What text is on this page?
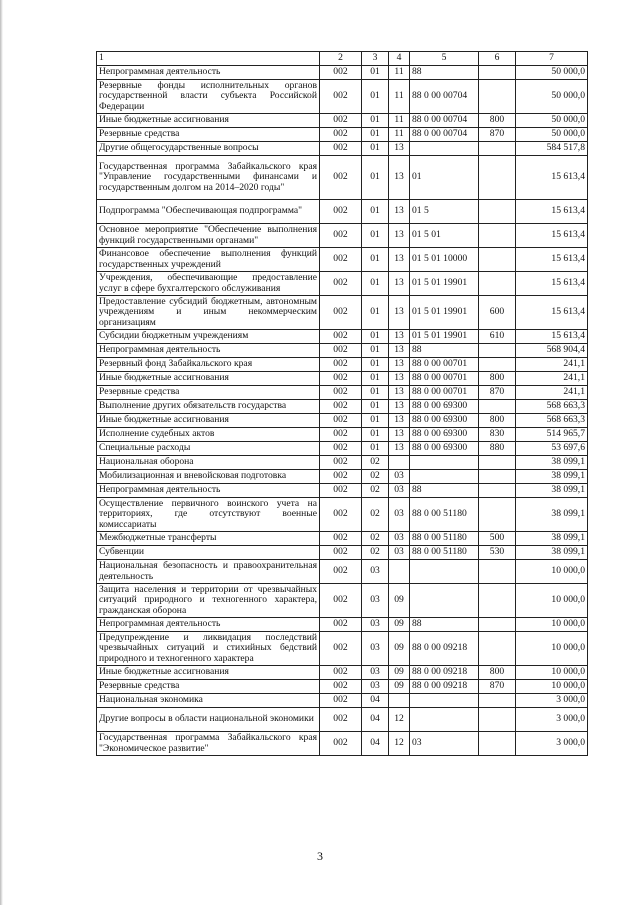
1	2	3	4	5	6	7
Непрограммная деятельность	002	01	11	88		50 000,0
Резервные фонды исполнительных органов государственной власти субъекта Российской Федерации	002	01	11	88 0 00 00704		50 000,0
Иные бюджетные ассигнования	002	01	11	88 0 00 00704	800	50 000,0
Резервные средства	002	01	11	88 0 00 00704	870	50 000,0
Другие общегосударственные вопросы	002	01	13			584 517,8
Государственная программа Забайкальского края "Управление государственными финансами и государственным долгом на 2014–2020 годы"	002	01	13	01		15 613,4
Подпрограмма "Обеспечивающая подпрограмма"	002	01	13	01 5		15 613,4
Основное мероприятие "Обеспечение выполнения функций государственными органами"	002	01	13	01 5 01		15 613,4
Финансовое обеспечение выполнения функций государственных учреждений	002	01	13	01 5 01 10000		15 613,4
Учреждения, обеспечивающие предоставление услуг в сфере бухгалтерского обслуживания	002	01	13	01 5 01 19901		15 613,4
Предоставление субсидий бюджетным, автономным учреждениям и иным некоммерческим организациям	002	01	13	01 5 01 19901	600	15 613,4
Субсидии бюджетным учреждениям	002	01	13	01 5 01 19901	610	15 613,4
Непрограммная деятельность	002	01	13	88		568 904,4
Резервный фонд Забайкальского края	002	01	13	88 0 00 00701		241,1
Иные бюджетные ассигнования	002	01	13	88 0 00 00701	800	241,1
Резервные средства	002	01	13	88 0 00 00701	870	241,1
Выполнение других обязательств государства	002	01	13	88 0 00 69300		568 663,3
Иные бюджетные ассигнования	002	01	13	88 0 00 69300	800	568 663,3
Исполнение судебных актов	002	01	13	88 0 00 69300	830	514 965,7
Специальные расходы	002	01	13	88 0 00 69300	880	53 697,6
Национальная оборона	002	02				38 099,1
Мобилизационная и вневойсковая подготовка	002	02	03			38 099,1
Непрограммная деятельность	002	02	03	88		38 099,1
Осуществление первичного воинского учета на территориях, где отсутствуют военные комиссариаты	002	02	03	88 0 00 51180		38 099,1
Межбюджетные трансферты	002	02	03	88 0 00 51180	500	38 099,1
Субвенции	002	02	03	88 0 00 51180	530	38 099,1
Национальная безопасность и правоохранительная деятельность	002	03				10 000,0
Защита населения и территории от чрезвычайных ситуаций природного и техногенного характера, гражданская оборона	002	03	09			10 000,0
Непрограммная деятельность	002	03	09	88		10 000,0
Предупреждение и ликвидация последствий чрезвычайных ситуаций и стихийных бедствий природного и техногенного характера	002	03	09	88 0 00 09218		10 000,0
Иные бюджетные ассигнования	002	03	09	88 0 00 09218	800	10 000,0
Резервные средства	002	03	09	88 0 00 09218	870	10 000,0
Национальная экономика	002	04				3 000,0
Другие вопросы в области национальной экономики	002	04	12			3 000,0
Государственная программа Забайкальского края "Экономическое развитие"	002	04	12	03		3 000,0
3
